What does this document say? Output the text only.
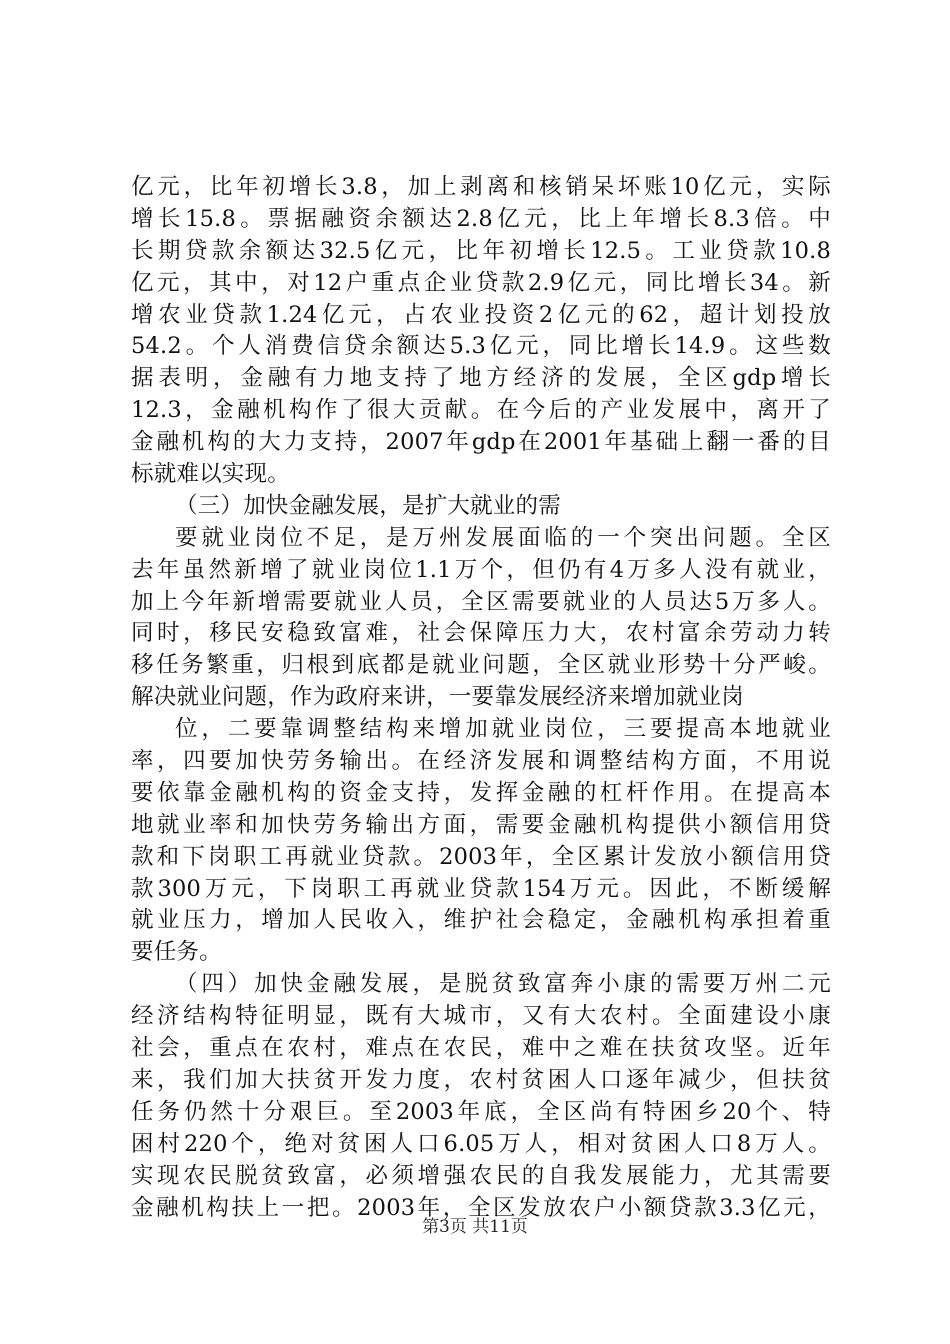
亿元，比年初增长3.8，加上剥离和核销呆坏账10亿元，实际
增长15.8。票据融资余额达2.8亿元，比上年增长8.3倍。中
长期贷款余额达32.5亿元，比年初增长12.5。工业贷款10.8
亿元，其中，对12户重点企业贷款2.9亿元，同比增长34。新
增农业贷款1.24亿元，占农业投资2亿元的62，超计划投放
54.2。个人消费信贷余额达5.3亿元，同比增长14.9。这些数
据表明，金融有力地支持了地方经济的发展，全区gdp增长
12.3，金融机构作了很大贡献。在今后的产业发展中，离开了
金融机构的大力支持，2007年gdp在2001年基础上翻一番的目
标就难以实现。
（三）加快金融发展，是扩大就业的需
要就业岗位不足，是万州发展面临的一个突出问题。全区
去年虽然新增了就业岗位1.1万个，但仍有4万多人没有就业，
加上今年新增需要就业人员，全区需要就业的人员达5万多人。
同时，移民安稳致富难，社会保障压力大，农村富余劳动力转
移任务繁重，归根到底都是就业问题，全区就业形势十分严峻。
解决就业问题，作为政府来讲，一要靠发展经济来增加就业岗
位，二要靠调整结构来增加就业岗位，三要提高本地就业
率，四要加快劳务输出。在经济发展和调整结构方面，不用说
要依靠金融机构的资金支持，发挥金融的杠杆作用。在提高本
地就业率和加快劳务输出方面，需要金融机构提供小额信用贷
款和下岗职工再就业贷款。2003年，全区累计发放小额信用贷
款300万元，下岗职工再就业贷款154万元。因此，不断缓解
就业压力，增加人民收入，维护社会稳定，金融机构承担着重
要任务。
（四）加快金融发展，是脱贫致富奔小康的需要万州二元
经济结构特征明显，既有大城市，又有大农村。全面建设小康
社会，重点在农村，难点在农民，难中之难在扶贫攻坚。近年
来，我们加大扶贫开发力度，农村贫困人口逐年减少，但扶贫
任务仍然十分艰巨。至2003年底，全区尚有特困乡20个、特
困村220个，绝对贫困人口6.05万人，相对贫困人口8万人。
实现农民脱贫致富，必须增强农民的自我发展能力，尤其需要
金融机构扶上一把。2003年，全区发放农户小额贷款3.3亿元，
第3页 共11页
